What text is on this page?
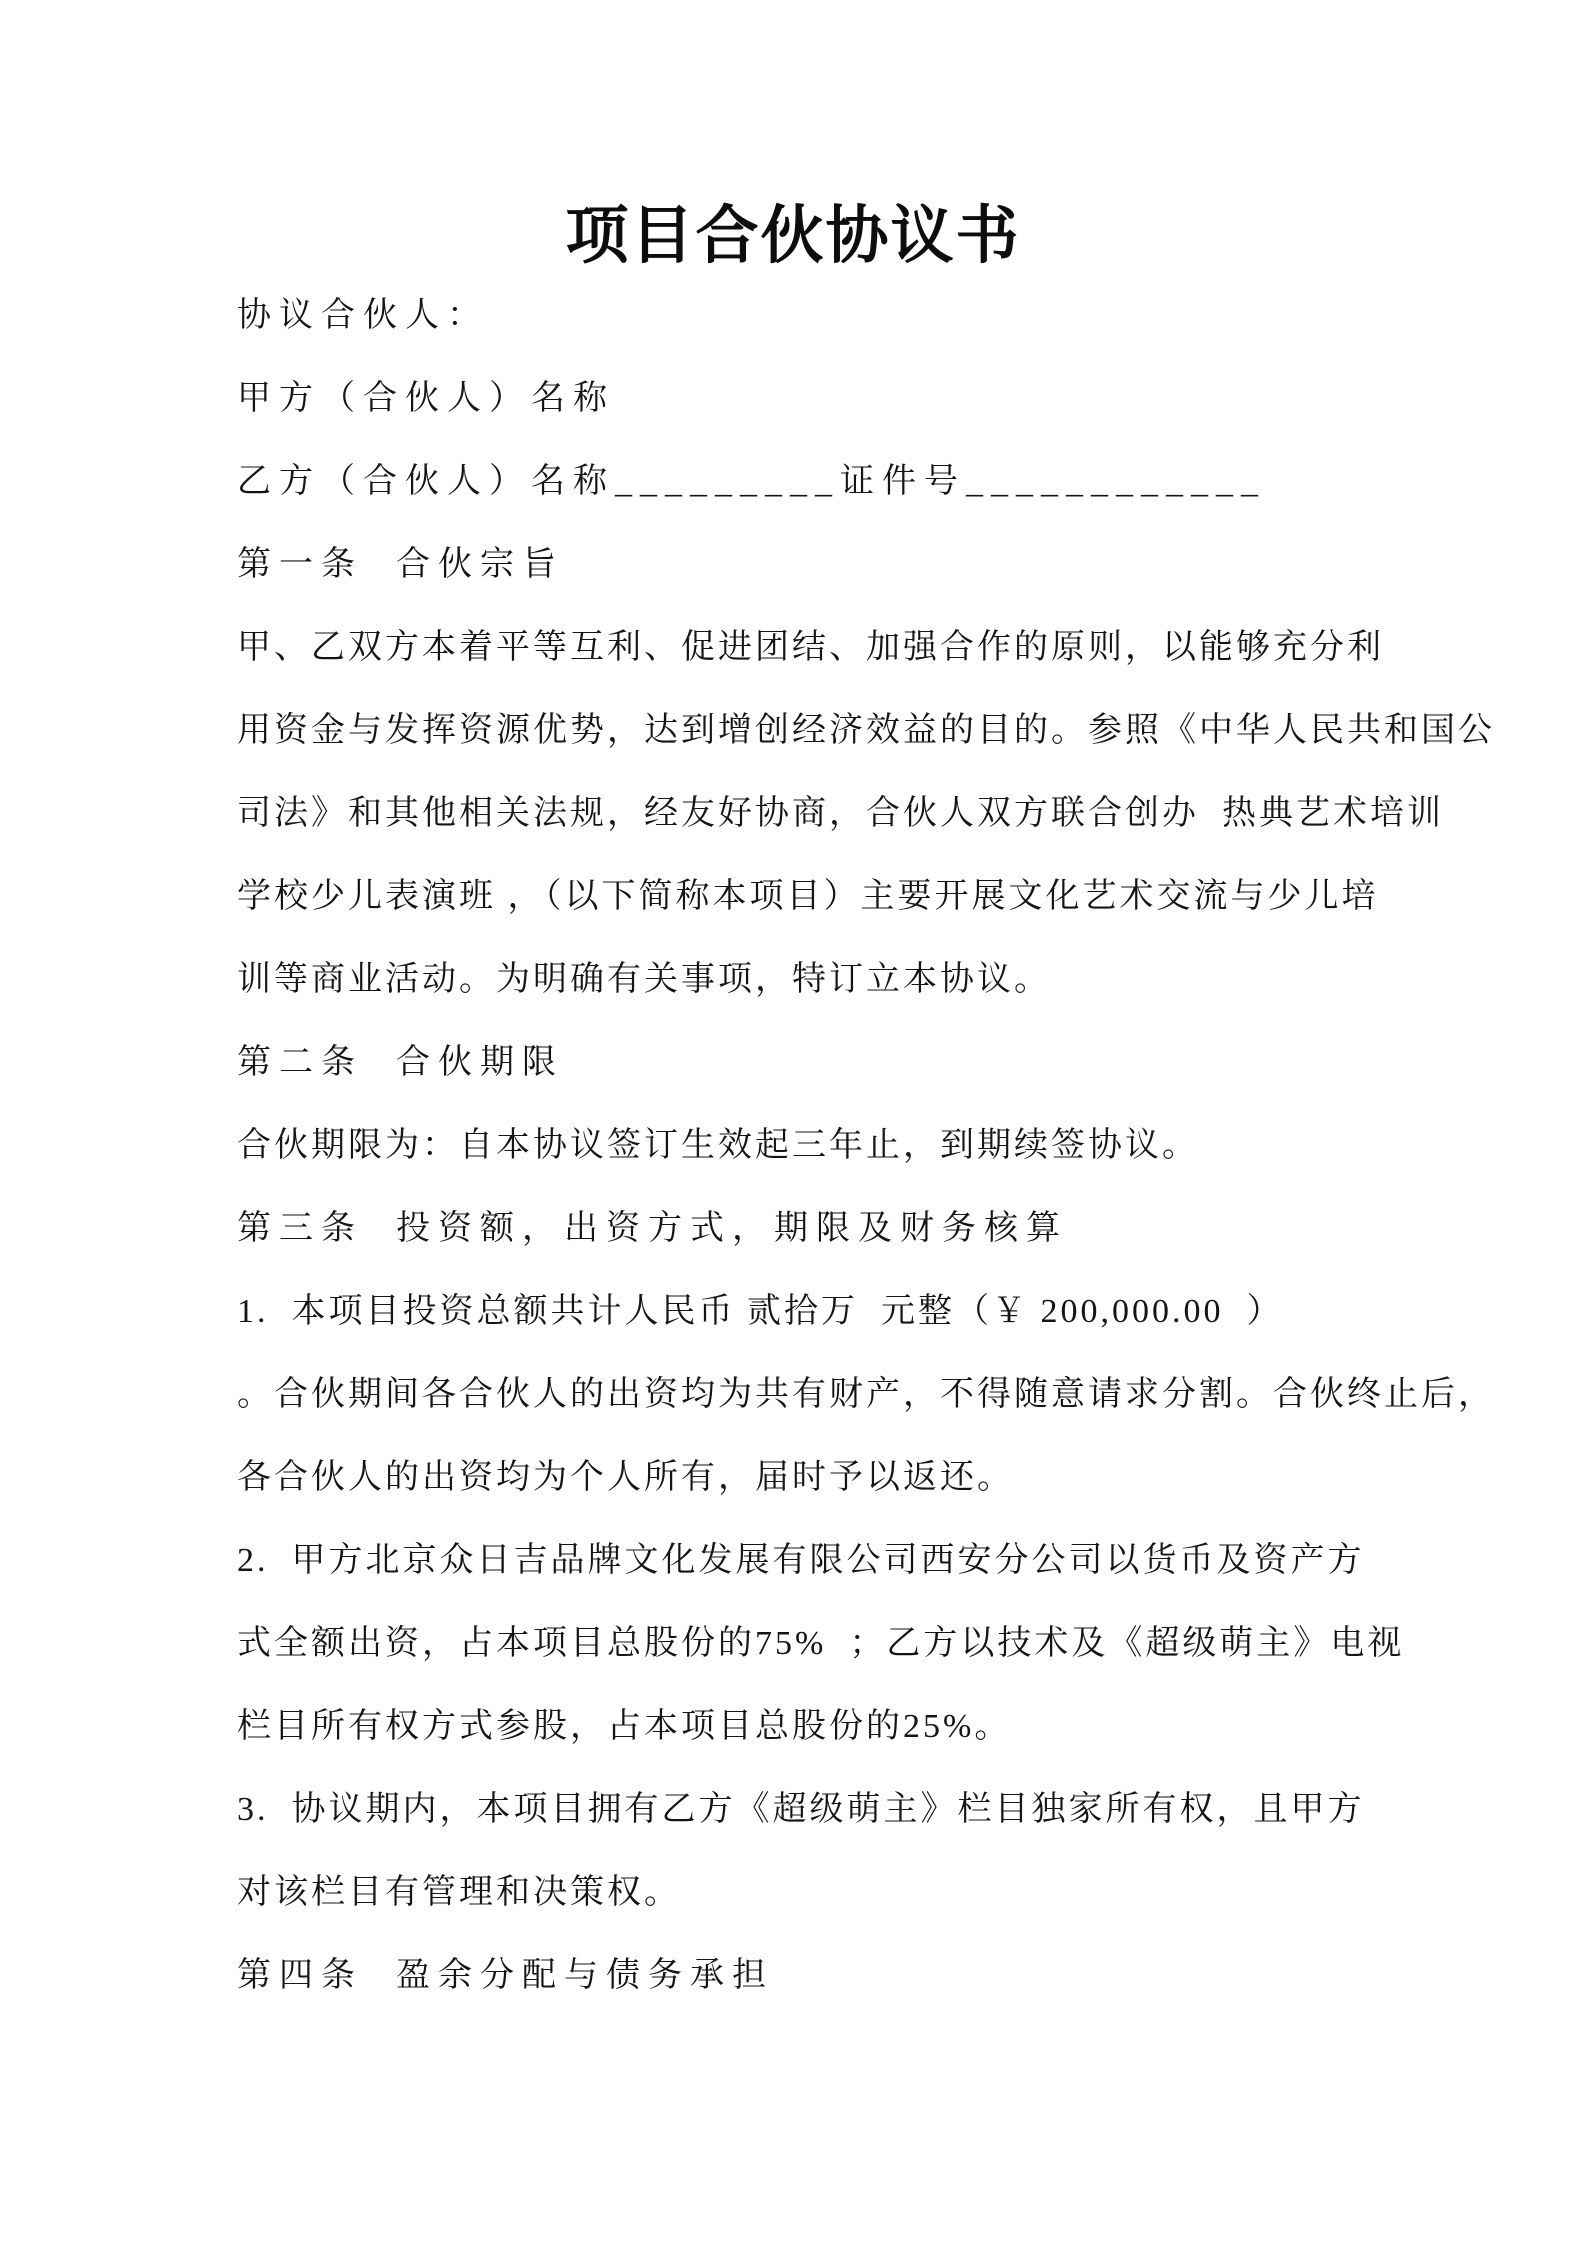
项目合伙协议书
协议合伙人：
甲方（合伙人）名称
乙方（合伙人）名称_________证件号____________
第一条  合伙宗旨
甲、乙双方本着平等互利、促进团结、加强合作的原则，以能够充分利
用资金与发挥资源优势，达到增创经济效益的目的。参照《中华人民共和国公
司法》和其他相关法规，经友好协商，合伙人双方联合创办  热典艺术培训
学校少儿表演班 ，（以下简称本项目）主要开展文化艺术交流与少儿培
训等商业活动。为明确有关事项，特订立本协议。
第二条  合伙期限
合伙期限为：自本协议签订生效起三年止，到期续签协议。
第三条  投资额，出资方式，期限及财务核算
1.  本项目投资总额共计人民币 贰拾万  元整（￥ 200,000.00  ）
。合伙期间各合伙人的出资均为共有财产，不得随意请求分割。合伙终止后，
各合伙人的出资均为个人所有，届时予以返还。
2.  甲方北京众日吉品牌文化发展有限公司西安分公司以货币及资产方
式全额出资，占本项目总股份的75%  ；乙方以技术及《超级萌主》电视
栏目所有权方式参股，占本项目总股份的25%。
3.  协议期内，本项目拥有乙方《超级萌主》栏目独家所有权，且甲方
对该栏目有管理和决策权。
第四条  盈余分配与债务承担
